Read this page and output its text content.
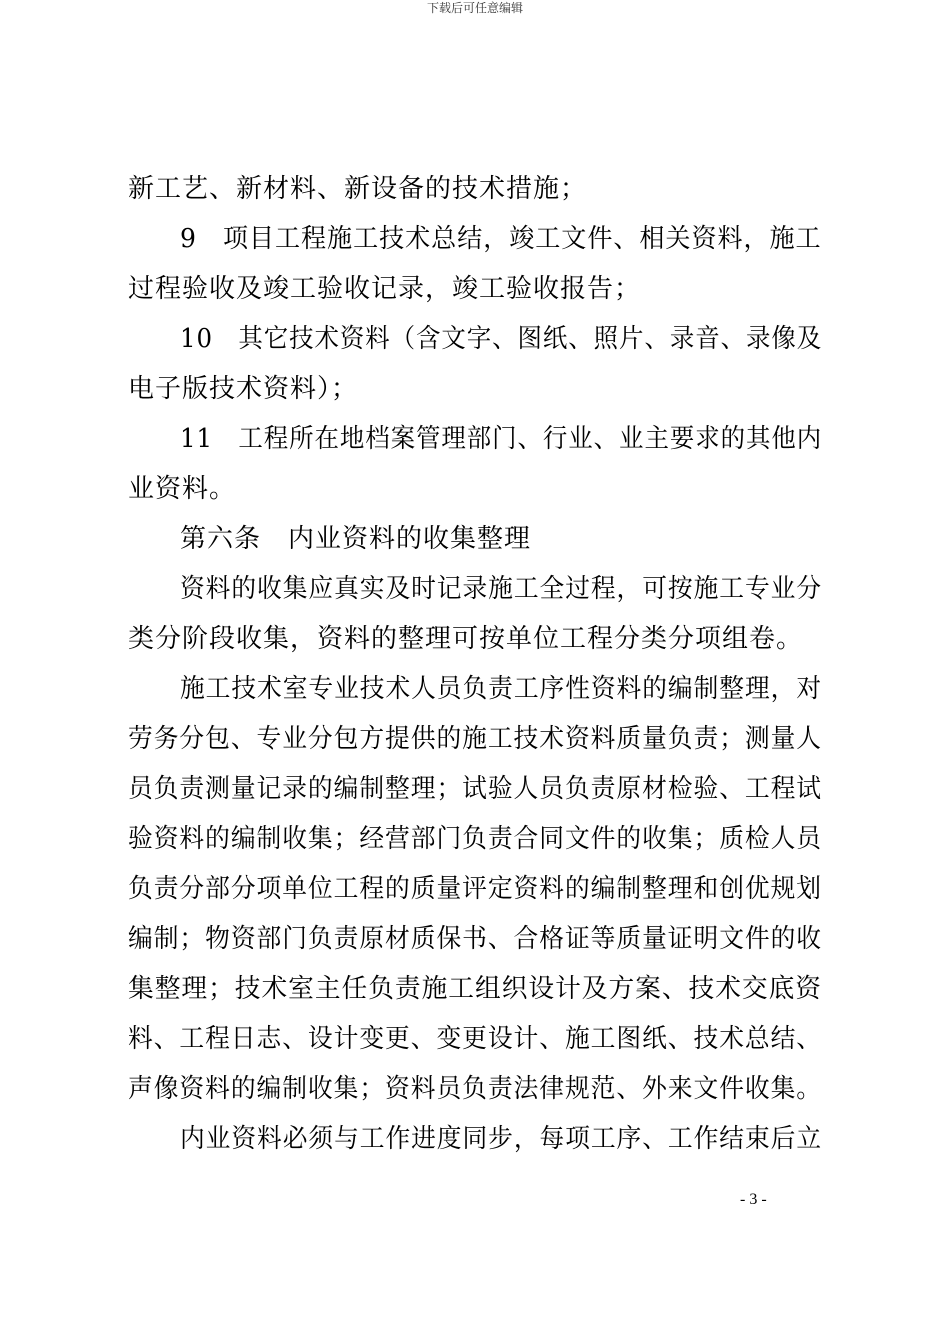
下载后可任意编辑
新工艺、新材料、新设备的技术措施；
9　项目工程施工技术总结，竣工文件、相关资料，施工
过程验收及竣工验收记录，竣工验收报告；
10　其它技术资料（含文字、图纸、照片、录音、录像及
电子版技术资料）；
11　工程所在地档案管理部门、行业、业主要求的其他内
业资料。
第六条　内业资料的收集整理
资料的收集应真实及时记录施工全过程，可按施工专业分
类分阶段收集，资料的整理可按单位工程分类分项组卷。
施工技术室专业技术人员负责工序性资料的编制整理，对
劳务分包、专业分包方提供的施工技术资料质量负责；测量人
员负责测量记录的编制整理；试验人员负责原材检验、工程试
验资料的编制收集；经营部门负责合同文件的收集；质检人员
负责分部分项单位工程的质量评定资料的编制整理和创优规划
编制；物资部门负责原材质保书、合格证等质量证明文件的收
集整理；技术室主任负责施工组织设计及方案、技术交底资
料、工程日志、设计变更、变更设计、施工图纸、技术总结、
声像资料的编制收集；资料员负责法律规范、外来文件收集。
内业资料必须与工作进度同步，每项工序、工作结束后立
- 3 -
